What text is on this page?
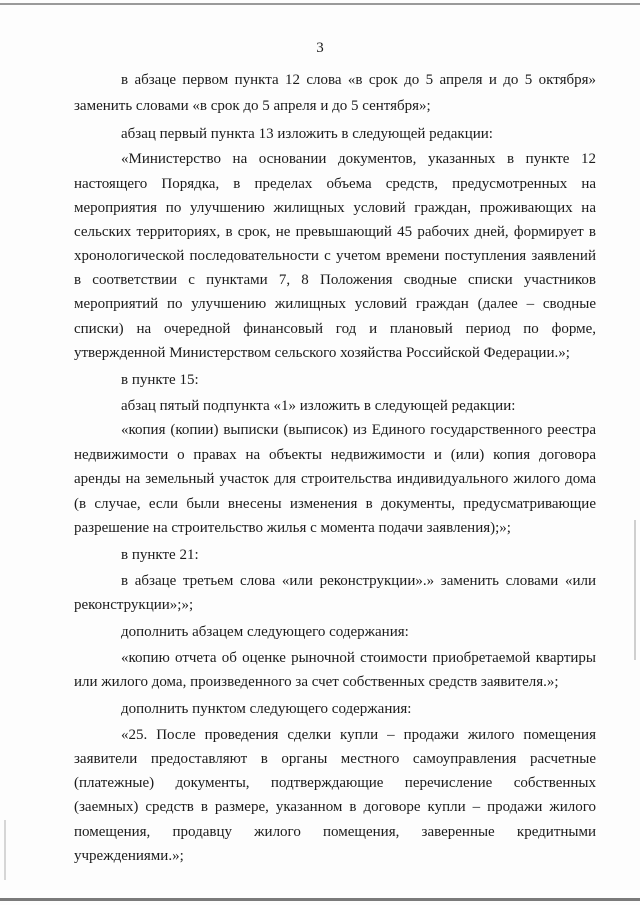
3
в абзаце первом пункта 12 слова «в срок до 5 апреля и до 5 октября»
заменить словами «в срок до 5 апреля и до 5 сентября»;
абзац первый пункта 13 изложить в следующей редакции:
«Министерство на основании документов, указанных в пункте 12
настоящего Порядка, в пределах объема средств, предусмотренных на
мероприятия по улучшению жилищных условий граждан, проживающих на
сельских территориях, в срок, не превышающий 45 рабочих дней, формирует в
хронологической последовательности с учетом времени поступления заявлений
в соответствии с пунктами 7, 8 Положения сводные списки участников
мероприятий по улучшению жилищных условий граждан (далее – сводные
списки) на очередной финансовый год и плановый период по форме,
утвержденной Министерством сельского хозяйства Российской Федерации.»;
в пункте 15:
абзац пятый подпункта «1» изложить в следующей редакции:
«копия (копии) выписки (выписок) из Единого государственного реестра
недвижимости о правах на объекты недвижимости и (или) копия договора
аренды на земельный участок для строительства индивидуального жилого дома
(в случае, если были внесены изменения в документы, предусматривающие
разрешение на строительство жилья с момента подачи заявления);»;
в пункте 21:
в абзаце третьем слова «или реконструкции».» заменить словами «или
реконструкции»;»;
дополнить абзацем следующего содержания:
«копию отчета об оценке рыночной стоимости приобретаемой квартиры
или жилого дома, произведенного за счет собственных средств заявителя.»;
дополнить пунктом следующего содержания:
«25. После проведения сделки купли – продажи жилого помещения
заявители предоставляют в органы местного самоуправления расчетные
(платежные) документы, подтверждающие перечисление собственных
(заемных) средств в размере, указанном в договоре купли – продажи жилого
помещения, продавцу жилого помещения, заверенные кредитными
учреждениями.»;
